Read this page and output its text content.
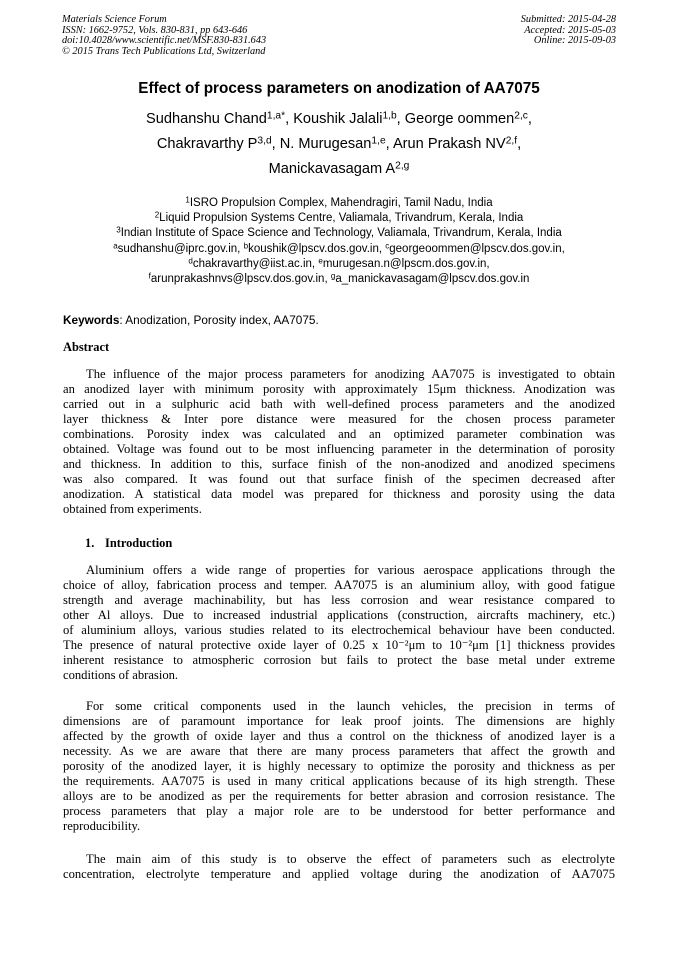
Materials Science Forum
ISSN: 1662-9752, Vols. 830-831, pp 643-646
doi:10.4028/www.scientific.net/MSF.830-831.643
© 2015 Trans Tech Publications Ltd, Switzerland
Submitted: 2015-04-28
Accepted: 2015-05-03
Online: 2015-09-03
Effect of process parameters on anodization of AA7075
Sudhanshu Chand$^{1,a*}$, Koushik Jalali$^{1,b}$, George oommen$^{2,c}$,
Chakravarthy P$^{3,d}$, N. Murugesan$^{1,e}$, Arun Prakash NV$^{2,f}$,
Manickavasagam A$^{2,g}$
$^1$ISRO Propulsion Complex, Mahendragiri, Tamil Nadu, India
$^2$Liquid Propulsion Systems Centre, Valiamala, Trivandrum, Kerala, India
$^3$Indian Institute of Space Science and Technology, Valiamala, Trivandrum, Kerala, India
$^a$sudhanshu@iprc.gov.in, $^b$koushik@lpscv.dos.gov.in, $^c$georgeoommen@lpscv.dos.gov.in,
$^d$chakravarthy@iist.ac.in, $^e$murugesan.n@lpscm.dos.gov.in,
$^f$arunprakashnvs@lpscv.dos.gov.in, $^g$a_manickavasagam@lpscv.dos.gov.in
Keywords: Anodization, Porosity index, AA7075.
Abstract
The influence of the major process parameters for anodizing AA7075 is investigated to obtain
an anodized layer with minimum porosity with approximately 15μm thickness. Anodization was
carried out in a sulphuric acid bath with well-defined process parameters and the anodized
layer thickness & Inter pore distance were measured for the chosen process parameter
combinations. Porosity index was calculated and an optimized parameter combination was
obtained. Voltage was found out to be most influencing parameter in the determination of porosity
and thickness. In addition to this, surface finish of the non-anodized and anodized specimens
was also compared. It was found out that surface finish of the specimen decreased after
anodization. A statistical data model was prepared for thickness and porosity using the data
obtained from experiments.
1. Introduction
Aluminium offers a wide range of properties for various aerospace applications through the
choice of alloy, fabrication process and temper. AA7075 is an aluminium alloy, with good fatigue
strength and average machinability, but has less corrosion and wear resistance compared to
other Al alloys. Due to increased industrial applications (construction, aircrafts machinery, etc.)
of aluminium alloys, various studies related to its electrochemical behaviour have been conducted.
The presence of natural protective oxide layer of 0.25 x 10⁻²μm to 10⁻²μm [1] thickness provides
inherent resistance to atmospheric corrosion but fails to protect the base metal under extreme
conditions of abrasion.
For some critical components used in the launch vehicles, the precision in terms of
dimensions are of paramount importance for leak proof joints. The dimensions are highly
affected by the growth of oxide layer and thus a control on the thickness of anodized layer is a
necessity. As we are aware that there are many process parameters that affect the growth and
porosity of the anodized layer, it is highly necessary to optimize the porosity and thickness as per
the requirements. AA7075 is used in many critical applications because of its high strength. These
alloys are to be anodized as per the requirements for better abrasion and corrosion resistance. The
process parameters that play a major role are to be understood for better performance and
reproducibility.
The main aim of this study is to observe the effect of parameters such as electrolyte
concentration, electrolyte temperature and applied voltage during the anodization of AA7075
